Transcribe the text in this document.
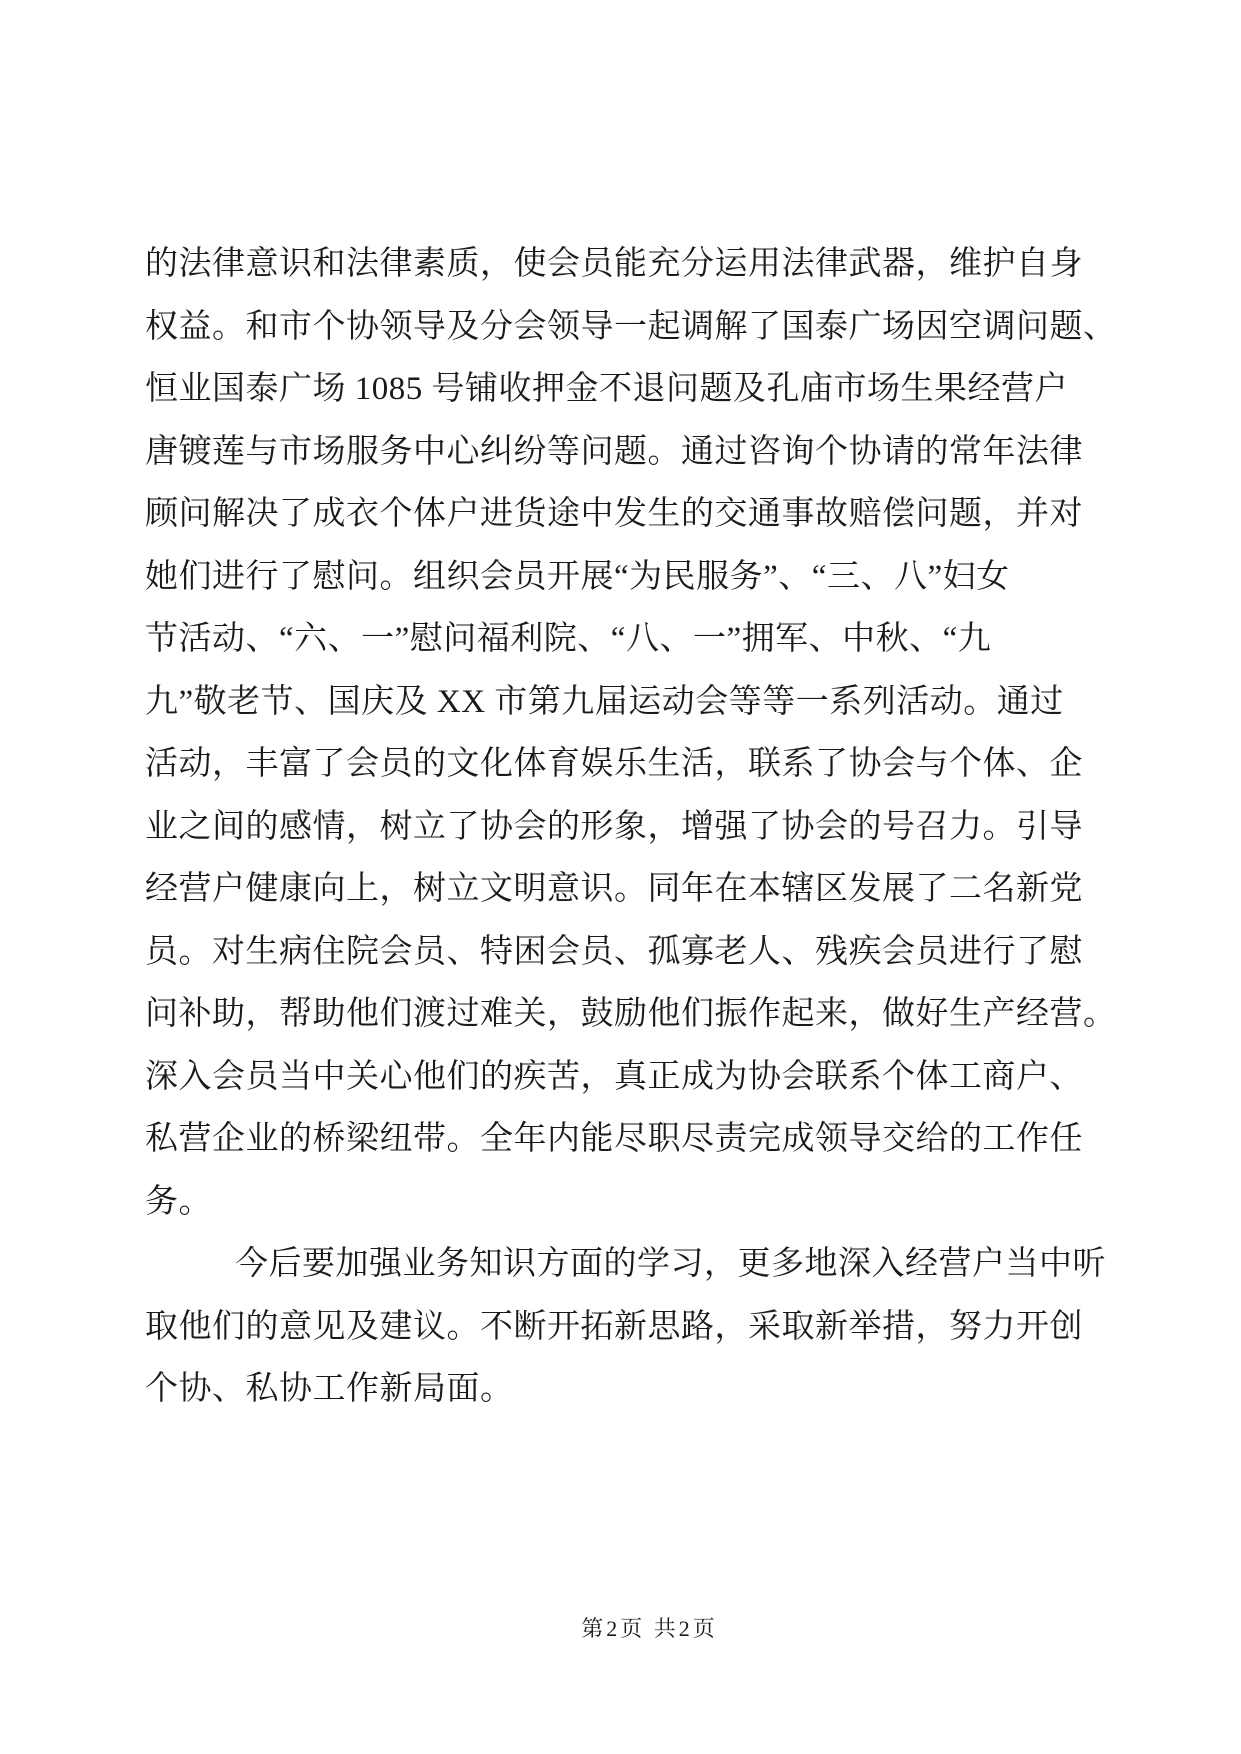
的法律意识和法律素质，使会员能充分运用法律武器，维护自身
权益。和市个协领导及分会领导一起调解了国泰广场因空调问题、
恒业国泰广场 1085 号铺收押金不退问题及孔庙市场生果经营户
唐镀莲与市场服务中心纠纷等问题。通过咨询个协请的常年法律
顾问解决了成衣个体户进货途中发生的交通事故赔偿问题，并对
她们进行了慰问。组织会员开展“为民服务”、“三、八”妇女
节活动、“六、一”慰问福利院、“八、一”拥军、中秋、“九
九”敬老节、国庆及 XX 市第九届运动会等等一系列活动。通过
活动，丰富了会员的文化体育娱乐生活，联系了协会与个体、企
业之间的感情，树立了协会的形象，增强了协会的号召力。引导
经营户健康向上，树立文明意识。同年在本辖区发展了二名新党
员。对生病住院会员、特困会员、孤寡老人、残疾会员进行了慰
问补助，帮助他们渡过难关，鼓励他们振作起来，做好生产经营。
深入会员当中关心他们的疾苦，真正成为协会联系个体工商户、
私营企业的桥梁纽带。全年内能尽职尽责完成领导交给的工作任
务。
今后要加强业务知识方面的学习，更多地深入经营户当中听
取他们的意见及建议。不断开拓新思路，采取新举措，努力开创
个协、私协工作新局面。
第2页 共2页
